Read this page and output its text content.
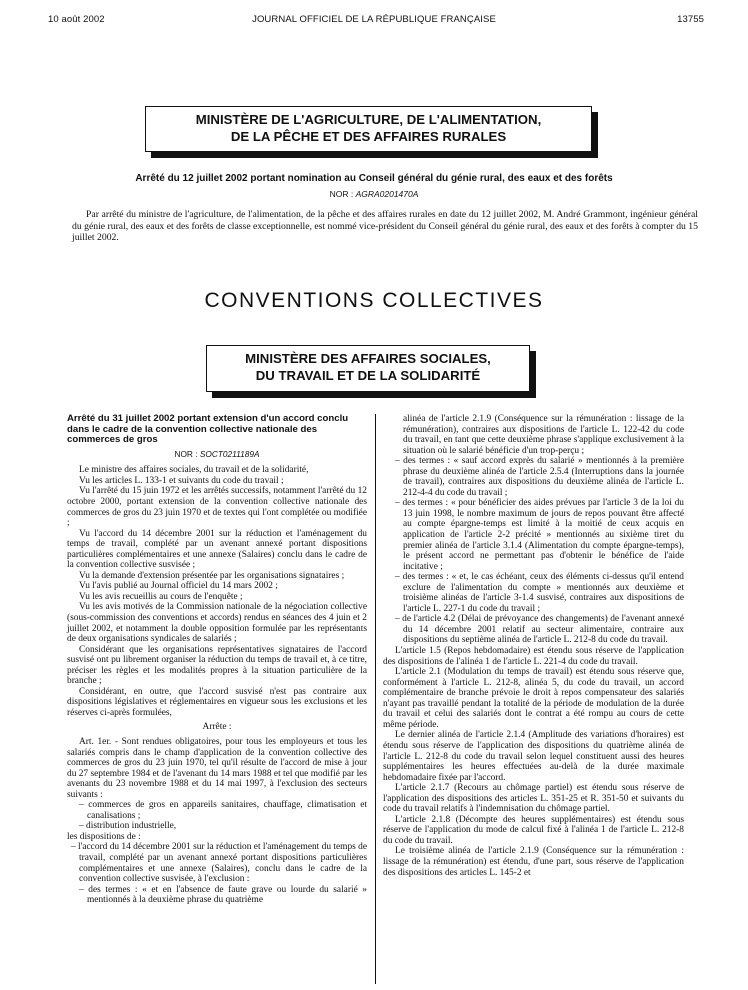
10 août 2002	JOURNAL OFFICIEL DE LA RÉPUBLIQUE FRANÇAISE	13755
MINISTÈRE DE L'AGRICULTURE, DE L'ALIMENTATION,
DE LA PÊCHE ET DES AFFAIRES RURALES
Arrêté du 12 juillet 2002 portant nomination au Conseil général du génie rural, des eaux et des forêts
NOR : AGRA0201470A
Par arrêté du ministre de l'agriculture, de l'alimentation, de la pêche et des affaires rurales en date du 12 juillet 2002, M. André Grammont, ingénieur général du génie rural, des eaux et des forêts de classe exceptionnelle, est nommé vice-président du Conseil général du génie rural, des eaux et des forêts à compter du 15 juillet 2002.
CONVENTIONS COLLECTIVES
MINISTÈRE DES AFFAIRES SOCIALES,
DU TRAVAIL ET DE LA SOLIDARITÉ

Arrêté du 31 juillet 2002 portant extension d'un accord conclu dans le cadre de la convention collective nationale des commerces de gros

NOR : SOCT0211189A

Le ministre des affaires sociales, du travail et de la solidarité,

Vu les articles L. 133-1 et suivants du code du travail ;

Vu l'arrêté du 15 juin 1972 et les arrêtés successifs, notamment l'arrêté du 12 octobre 2000, portant extension de la convention collective nationale des commerces de gros du 23 juin 1970 et de textes qui l'ont complétée ou modifiée ;

Vu l'accord du 14 décembre 2001 sur la réduction et l'aménagement du temps de travail, complété par un avenant annexé portant dispositions particulières complémentaires et une annexe (Salaires) conclu dans le cadre de la convention collective susvisée ;

Vu la demande d'extension présentée par les organisations signataires ;

Vu l'avis publié au Journal officiel du 14 mars 2002 ;

Vu les avis recueillis au cours de l'enquête ;

Vu les avis motivés de la Commission nationale de la négociation collective (sous-commission des conventions et accords) rendus en séances des 4 juin et 2 juillet 2002, et notamment la double opposition formulée par les représentants de deux organisations syndicales de salariés ;

Considérant que les organisations représentatives signataires de l'accord susvisé ont pu librement organiser la réduction du temps de travail et, à ce titre, préciser les règles et les modalités propres à la situation particulière de la branche ;

Considérant, en outre, que l'accord susvisé n'est pas contraire aux dispositions législatives et réglementaires en vigueur sous les exclusions et les réserves ci-après formulées,

Arrête :

Art. 1er. - Sont rendues obligatoires, pour tous les employeurs et tous les salariés compris dans le champ d'application de la convention collective des commerces de gros du 23 juin 1970, tel qu'il résulte de l'accord de mise à jour du 27 septembre 1984 et de l'avenant du 14 mars 1988 et tel que modifié par les avenants du 23 novembre 1988 et du 14 mai 1997, à l'exclusion des secteurs suivants :

– commerces de gros en appareils sanitaires, chauffage, climatisation et canalisations ;

– distribution industrielle,

les dispositions de :

– l'accord du 14 décembre 2001 sur la réduction et l'aménagement du temps de travail, complété par un avenant annexé portant dispositions particulières complémentaires et une annexe (Salaires), conclu dans le cadre de la convention collective susvisée, à l'exclusion :

– des termes : « et en l'absence de faute grave ou lourde du salarié » mentionnés à la deuxième phrase du quatrième

alinéa de l'article 2.1.9 (Conséquence sur la rémunération : lissage de la rémunération), contraires aux dispositions de l'article L. 122-42 du code du travail, en tant que cette deuxième phrase s'applique exclusivement à la situation où le salarié bénéficie d'un trop-perçu ;

– des termes : « sauf accord exprès du salarié » mentionnés à la première phrase du deuxième alinéa de l'article 2.5.4 (Interruptions dans la journée de travail), contraires aux dispositions du deuxième alinéa de l'article L. 212-4-4 du code du travail ;

– des termes : « pour bénéficier des aides prévues par l'article 3 de la loi du 13 juin 1998, le nombre maximum de jours de repos pouvant être affecté au compte épargne-temps est limité à la moitié de ceux acquis en application de l'article 2-2 précité » mentionnés au sixième tiret du premier alinéa de l'article 3.1.4 (Alimentation du compte épargne-temps), le présent accord ne permettant pas d'obtenir le bénéfice de l'aide incitative ;

– des termes : « et, le cas échéant, ceux des éléments ci-dessus qu'il entend exclure de l'alimentation du compte » mentionnés aux deuxième et troisième alinéas de l'article 3-1.4 susvisé, contraires aux dispositions de l'article L. 227-1 du code du travail ;

– de l'article 4.2 (Délai de prévoyance des changements) de l'avenant annexé du 14 décembre 2001 relatif au secteur alimentaire, contraire aux dispositions du septième alinéa de l'article L. 212-8 du code du travail.

L'article 1.5 (Repos hebdomadaire) est étendu sous réserve de l'application des dispositions de l'alinéa 1 de l'article L. 221-4 du code du travail.

L'article 2.1 (Modulation du temps de travail) est étendu sous réserve que, conformément à l'article L. 212-8, alinéa 5, du code du travail, un accord complémentaire de branche prévoie le droit à repos compensateur des salariés n'ayant pas travaillé pendant la totalité de la période de modulation de la durée du travail et celui des salariés dont le contrat a été rompu au cours de cette même période.

Le dernier alinéa de l'article 2.1.4 (Amplitude des variations d'horaires) est étendu sous réserve de l'application des dispositions du quatrième alinéa de l'article L. 212-8 du code du travail selon lequel constituent aussi des heures supplémentaires les heures effectuées au-delà de la durée maximale hebdomadaire fixée par l'accord.

L'article 2.1.7 (Recours au chômage partiel) est étendu sous réserve de l'application des dispositions des articles L. 351-25 et R. 351-50 et suivants du code du travail relatifs à l'indemnisation du chômage partiel.

L'article 2.1.8 (Décompte des heures supplémentaires) est étendu sous réserve de l'application du mode de calcul fixé à l'alinéa 1 de l'article L. 212-8 du code du travail.

Le troisième alinéa de l'article 2.1.9 (Conséquence sur la rémunération : lissage de la rémunération) est étendu, d'une part, sous réserve de l'application des dispositions des articles L. 145-2 et
